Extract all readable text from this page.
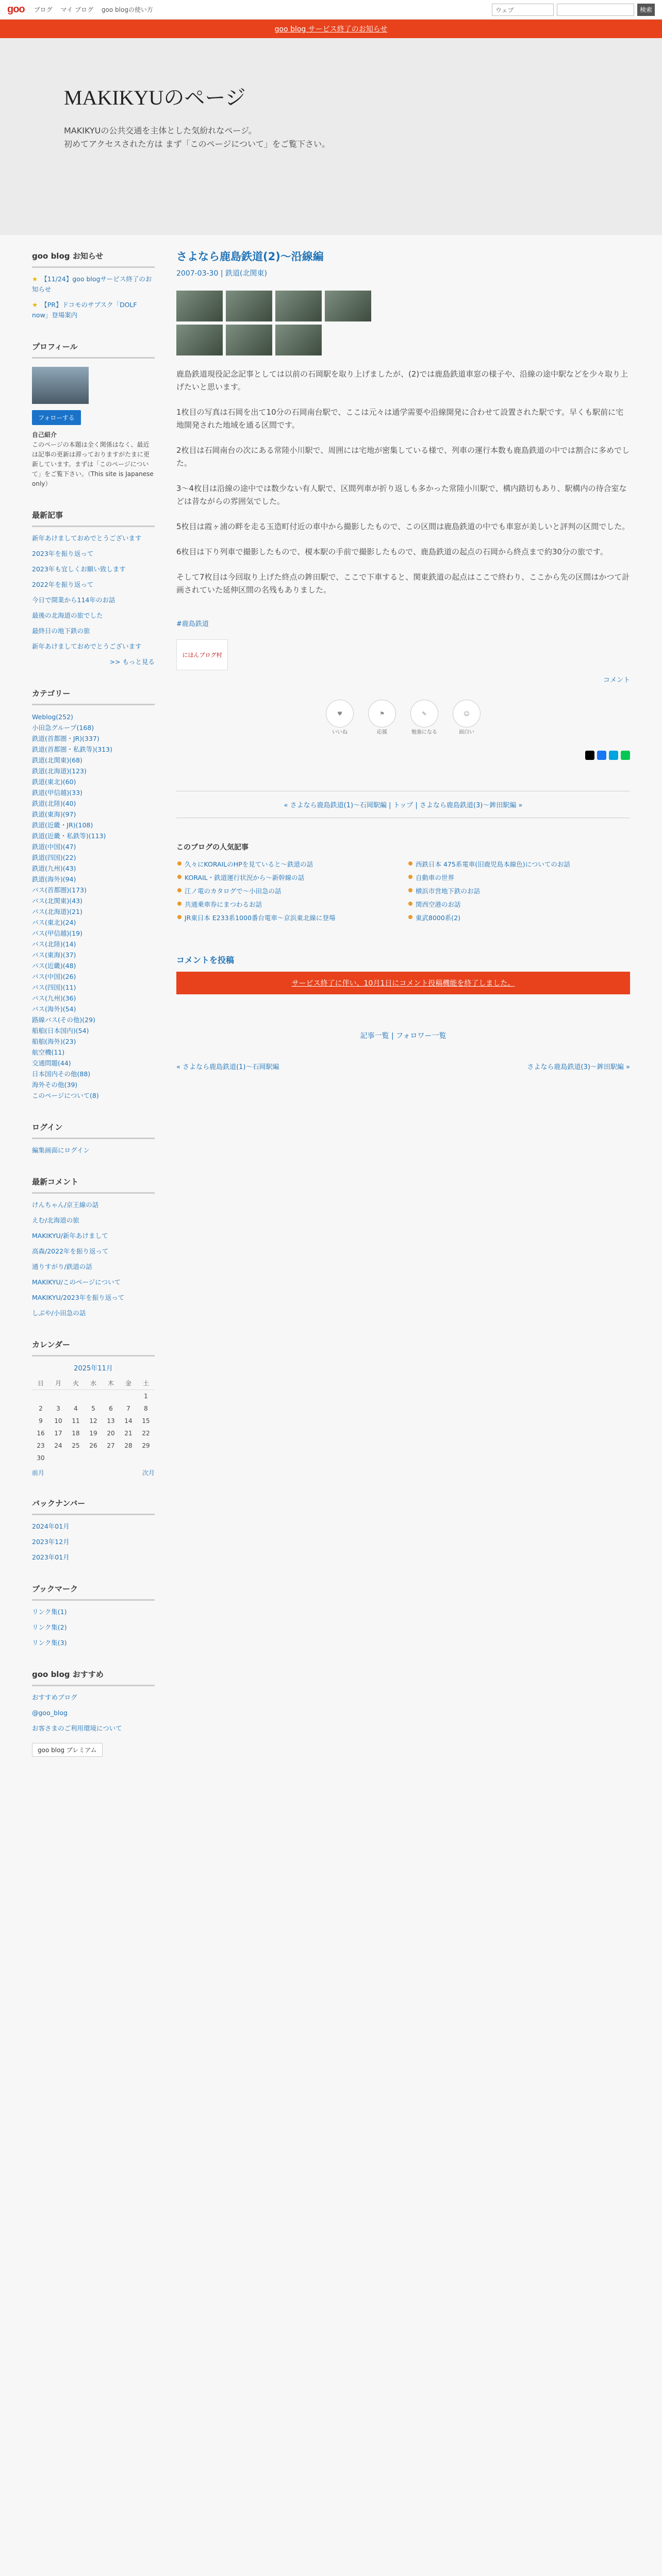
goo ブログ マイ ブログ goo blogの使い方	ウェブ	検索
goo blog サービス終了のお知らせ
MAKIKYUのページ
MAKIKYUの公共交通を主体とした気紛れなページ。
初めてアクセスされた方は まず「このページについて」をご覧下さい。
goo blog お知らせ
★ 【11/24】goo blogサービス終了のお知らせ
★ 【PR】ドコモのサブスク「DOLF now」登場案内
プロフィール
フォローする
自己紹介
このページの本題は全く関係はなく、最近は記事の更新は滞っておりますがたまに更新しています。まずは「このページについて」をご覧下さい。（This site is Japanese only）
最新記事
新年あけましておめでとうございます
2023年を振り返って
2023年も宜しくお願い致します
2022年を振り返って
今日で開業から114年のお話
最後の北海道の旅でした
最終日の地下鉄の旅
新年あけましておめでとうございます
>> もっと見る
カテゴリー
Weblog(252)
小田急グループ(168)
鉄道(首都圏・JR)(337)
鉄道(首都圏・私鉄等)(313)
鉄道(北関東)(68)
鉄道(北海道)(123)
鉄道(東北)(60)
鉄道(甲信越)(33)
鉄道(北陸)(40)
鉄道(東海)(97)
鉄道(近畿・JR)(108)
鉄道(近畿・私鉄等)(113)
鉄道(中国)(47)
鉄道(四国)(22)
鉄道(九州)(43)
鉄道(海外)(94)
バス(首都圏)(173)
バス(北関東)(43)
バス(北海道)(21)
バス(東北)(24)
バス(甲信越)(19)
バス(北陸)(14)
バス(東海)(37)
バス(近畿)(48)
バス(中国)(26)
バス(四国)(11)
バス(九州)(36)
バス(海外)(54)
路線バス(その他)(29)
船舶(日本国内)(54)
船舶(海外)(23)
航空機(11)
交通問題(44)
日本国内その他(88)
海外その他(39)
このページについて(8)
ログイン
編集画面にログイン
最新コメント
けんちゃん/京王線の話
えむ/北海道の旅
MAKIKYU/新年あけまして
高森/2022年を振り返って
通りすがり/鉄道の話
MAKIKYU/このページについて
MAKIKYU/2023年を振り返って
しぶや/小田急の話
カレンダー
2025年11月
日	月	火	水	木	金	土
						1
2	3	4	5	6	7	8
9	10	11	12	13	14	15
16	17	18	19	20	21	22
23	24	25	26	27	28	29
30						
前月	次月
バックナンバー
2024年01月
2023年12月
2023年01月
ブックマーク
リンク集(1)
リンク集(2)
リンク集(3)
goo blog おすすめ
おすすめブログ
@goo_blog
お客さまのご利用環境について
goo blog プレミアム
さよなら鹿島鉄道(2)〜沿線編
2007-03-30 | 鉄道(北関東)

鹿島鉄道現役記念記事としては以前の石岡駅を取り上げましたが、(2)では鹿島鉄道車窓の様子や、沿線の途中駅などを少々取り上げたいと思います。

1枚目の写真は石岡を出て10分の石岡南台駅で、ここは元々は通学需要や沿線開発に合わせて設置された駅です。早くも駅前に宅地開発された地域を通る区間です。

2枚目は石岡南台の次にある常陸小川駅で、周囲には宅地が密集している様で、列車の運行本数も鹿島鉄道の中では割合に多めでした。

3〜4枚目は沿線の途中では数少ない有人駅で、区間列車が折り返しも多かった常陸小川駅で、構内踏切もあり、駅構内の待合室などは昔ながらの雰囲気でした。

5枚目は霞ヶ浦の畔を走る玉造町付近の車中から撮影したもので、この区間は鹿島鉄道の中でも車窓が美しいと評判の区間でした。

6枚目は下り列車で撮影したもので、榎本駅の手前で撮影したもので、鹿島鉄道の起点の石岡から終点まで約30分の旅です。

そして7枚目は今回取り上げた終点の鉾田駅で、ここで下車すると、関東鉄道の起点はここで終わり、ここから先の区間はかつて計画されていた延伸区間の名残もありました。

#鹿島鉄道
にほんブログ村
コメント
♥
いいね
⚑
応援
✎
勉強になる
☺
面白い
« さよなら鹿島鉄道(1)〜石岡駅編 | トップ | さよなら鹿島鉄道(3)〜鉾田駅編 »
このブログの人気記事
久々にKORAILのHPを見ていると〜鉄道の話	西鉄日本 475系電車(旧鹿児島本線色)についてのお話
KORAIL・鉄道運行状況から〜新幹線の話	自動車の世界
江ノ電のカタログで〜小田急の話	横浜市営地下鉄のお話
共通乗車券にまつわるお話	関西空港のお話
JR東日本 E233系1000番台電車〜京浜東北線に登場	東武8000系(2)
コメントを投稿
サービス終了に伴い、10月1日にコメント投稿機能を終了しました。
記事一覧 | フォロワー一覧
« さよなら鹿島鉄道(1)〜石岡駅編	さよなら鹿島鉄道(3)〜鉾田駅編 »
